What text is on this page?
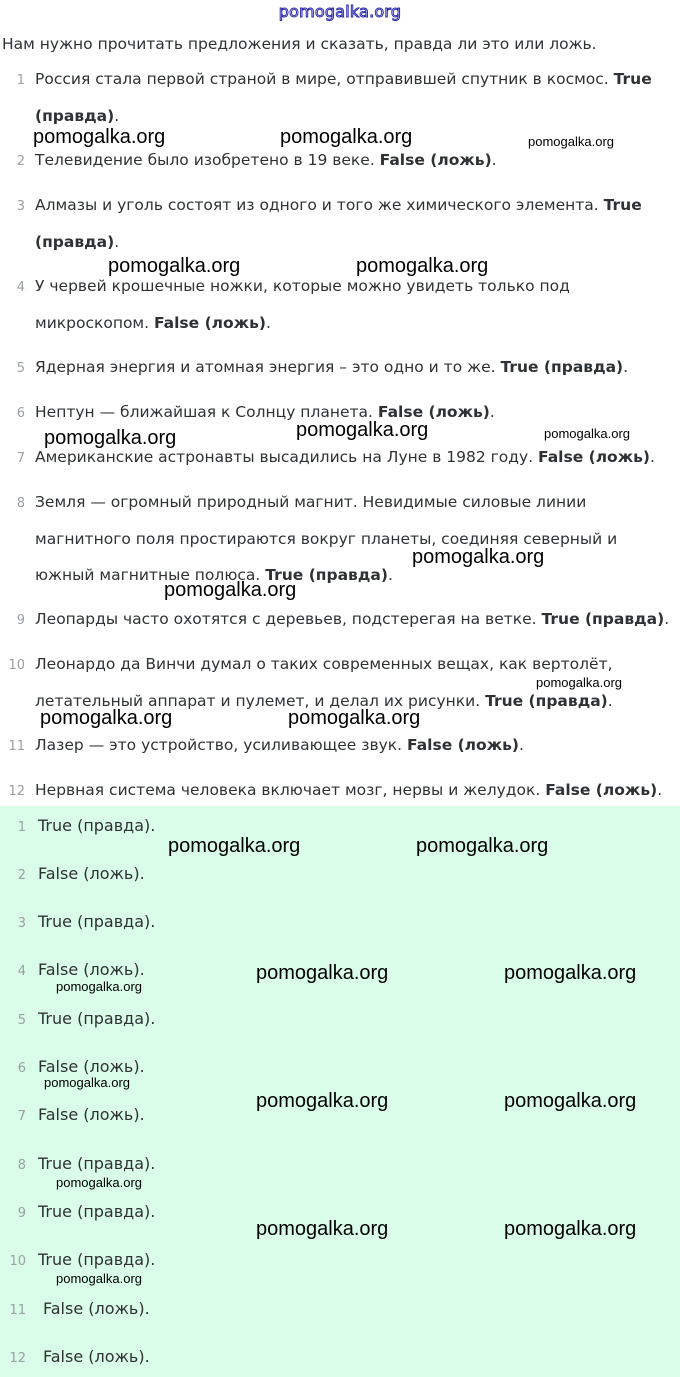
pomogalka.org
Нам нужно прочитать предложения и сказать, правда ли это или ложь.
1 Россия стала первой страной в мире, отправившей спутник в космос. True (правда).
2 Телевидение было изобретено в 19 веке. False (ложь).
3 Алмазы и уголь состоят из одного и того же химического элемента. True (правда).
4 У червей крошечные ножки, которые можно увидеть только под микроскопом. False (ложь).
5 Ядерная энергия и атомная энергия – это одно и то же. True (правда).
6 Нептун — ближайшая к Солнцу планета. False (ложь).
7 Американские астронавты высадились на Луне в 1982 году. False (ложь).
8 Земля — огромный природный магнит. Невидимые силовые линии магнитного поля простираются вокруг планеты, соединяя северный и южный магнитные полюса. True (правда).
9 Леопарды часто охотятся с деревьев, подстерегая на ветке. True (правда).
10 Леонардо да Винчи думал о таких современных вещах, как вертолёт, летательный аппарат и пулемет, и делал их рисунки. True (правда).
11 Лазер — это устройство, усиливающее звук. False (ложь).
12 Нервная система человека включает мозг, нервы и желудок. False (ложь).
1 True (правда).
2 False (ложь).
3 True (правда).
4 False (ложь).
5 True (правда).
6 False (ложь).
7 False (ложь).
8 True (правда).
9 True (правда).
10 True (правда).
11 False (ложь).
12 False (ложь).
pomogalka.org	pomogalka.org	pomogalka.org
pomogalka.org	pomogalka.org
pomogalka.org	pomogalka.org	pomogalka.org
pomogalka.org
pomogalka.org
pomogalka.org
pomogalka.org	pomogalka.org
pomogalka.org	pomogalka.org
pomogalka.org	pomogalka.org
pomogalka.org
pomogalka.org
pomogalka.org	pomogalka.org
pomogalka.org
pomogalka.org	pomogalka.org
pomogalka.org
